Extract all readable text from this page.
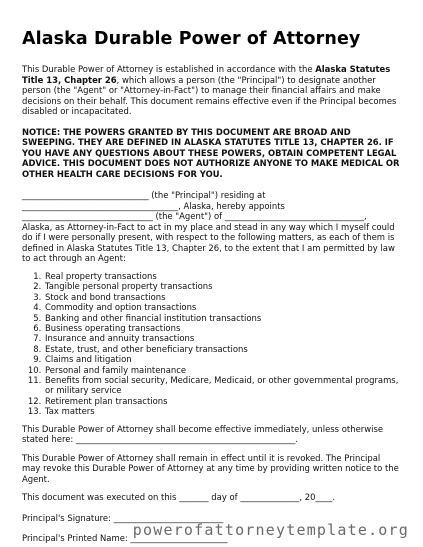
Alaska Durable Power of Attorney

This Durable Power of Attorney is established in accordance with the Alaska Statutes Title 13, Chapter 26, which allows a person (the "Principal") to designate another person (the "Agent" or "Attorney-in-Fact") to manage their financial affairs and make decisions on their behalf. This document remains effective even if the Principal becomes disabled or incapacitated.

NOTICE: THE POWERS GRANTED BY THIS DOCUMENT ARE BROAD AND SWEEPING. THEY ARE DEFINED IN ALASKA STATUTES TITLE 13, CHAPTER 26. IF YOU HAVE ANY QUESTIONS ABOUT THESE POWERS, OBTAIN COMPETENT LEGAL ADVICE. THIS DOCUMENT DOES NOT AUTHORIZE ANYONE TO MAKE MEDICAL OR OTHER HEALTH CARE DECISIONS FOR YOU.

______________________________ (the "Principal") residing at

_____________________________________, Alaska, hereby appoints

_______________________________ (the "Agent") of _________________________________,

Alaska, as Attorney-in-Fact to act in my place and stead in any way which I myself could do if I were personally present, with respect to the following matters, as each of them is defined in Alaska Statutes Title 13, Chapter 26, to the extent that I am permitted by law to act through an Agent:

1. Real property transactions
2. Tangible personal property transactions
3. Stock and bond transactions
4. Commodity and option transactions
5. Banking and other financial institution transactions
6. Business operating transactions
7. Insurance and annuity transactions
8. Estate, trust, and other beneficiary transactions
9. Claims and litigation
10. Personal and family maintenance
11. Benefits from social security, Medicare, Medicaid, or other governmental programs, or military service
12. Retirement plan transactions
13. Tax matters

This Durable Power of Attorney shall become effective immediately, unless otherwise stated here: ____________________________________________________.

This Durable Power of Attorney shall remain in effect until it is revoked. The Principal may revoke this Durable Power of Attorney at any time by providing written notice to the Agent.

This document was executed on this _______ day of ______________, 20____.

Principal's Signature: __________________________

Principal's Printed Name: _______________________

powerofattorneytemplate.org
